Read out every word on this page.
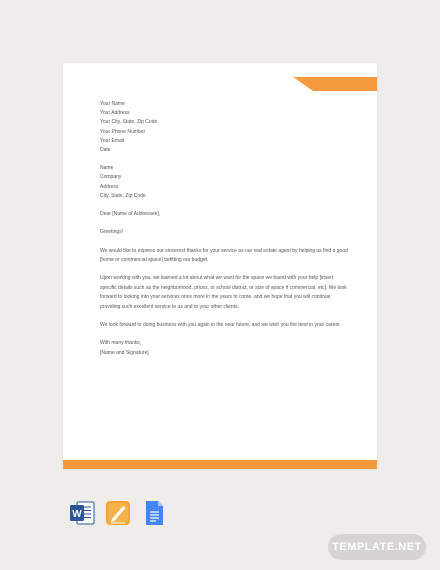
Your Name

Your Address

Your City, State, Zip Code

Your Phone Number

Your Email

Date

Name

Company

Address

City, State, Zip Code

Dear [Name of Addressee],

Greetings!

We would like to express our sincerest thanks for your service as our real estate agent by helping us find a good [home or commercial space] befitting our budget.

Upon working with you, we learned a lot about what we want for the space we found with your help [insert specific details such as the neighborhood, prices, or school district, or size of space if commercial, etc]. We look forward to looking into your services once more in the years to come, and we hope that you will continue providing such excellent service to us and to your other clients.

We look forward to doing business with you again in the near future, and we wish you the best in your career.

With many thanks,

[Name and Signature]

W
TEMPLATE.NET
